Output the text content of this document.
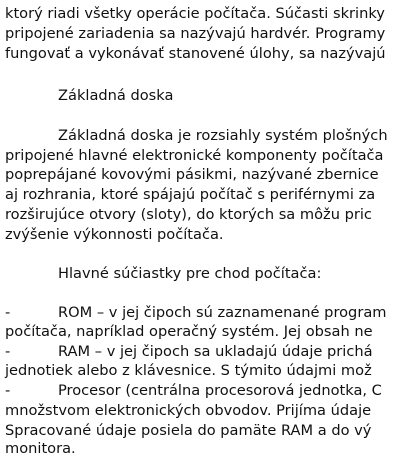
ktorý riadi všetky operácie počítača. Súčasti skrinky
pripojené zariadenia sa nazývajú hardvér. Programy
fungovať a vykonávať stanovené úlohy, sa nazývajú
Základná doska
Základná doska je rozsiahly systém plošných
pripojené hlavné elektronické komponenty počítača
poprepájané kovovými pásikmi, nazývané zbernice
aj rozhrania, ktoré spájajú počítač s periférnymi za
rozširujúce otvory (sloty), do ktorých sa môžu pric
zvýšenie výkonnosti počítača.
Hlavné súčiastky pre chod počítača:
-	ROM – v jej čipoch sú zaznamenané program
počítača, napríklad operačný systém. Jej obsah ne
-	RAM – v jej čipoch sa ukladajú údaje prichá
jednotiek alebo z klávesnice. S týmito údajmi mož
-	Procesor (centrálna procesorová jednotka, C
množstvom elektronických obvodov. Prijíma údaje
Spracované údaje posiela do pamäte RAM a do vý
monitora.
